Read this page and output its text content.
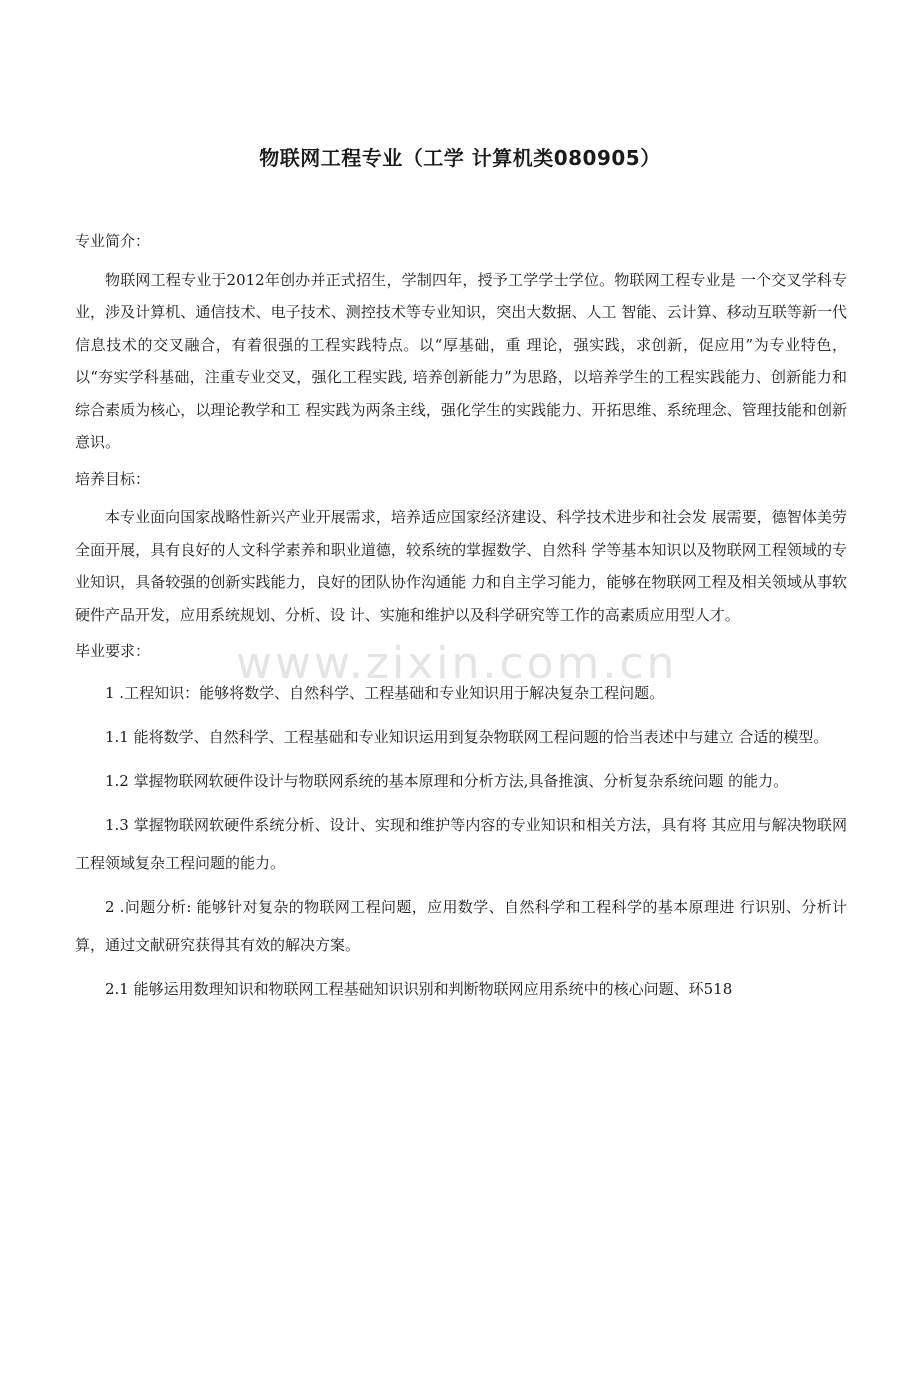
物联网工程专业（工学 计算机类080905）
www.zixin.com.cn

专业简介：

物联网工程专业于2012年创办并正式招生，学制四年，授予工学学士学位。物联网工程专业是 一个交叉学科专业，涉及计算机、通信技术、电子技术、测控技术等专业知识，突出大数据、人工 智能、云计算、移动互联等新一代信息技术的交叉融合，有着很强的工程实践特点。以“厚基础，重 理论，强实践，求创新，促应用”为专业特色，以“夯实学科基础，注重专业交叉，强化工程实践, 培养创新能力”为思路，以培养学生的工程实践能力、创新能力和综合素质为核心，以理论教学和工 程实践为两条主线，强化学生的实践能力、开拓思维、系统理念、管理技能和创新意识。

培养目标：

本专业面向国家战略性新兴产业开展需求，培养适应国家经济建设、科学技术进步和社会发 展需要，德智体美劳全面开展，具有良好的人文科学素养和职业道德，较系统的掌握数学、自然科 学等基本知识以及物联网工程领域的专业知识，具备较强的创新实践能力，良好的团队协作沟通能 力和自主学习能力，能够在物联网工程及相关领域从事软硬件产品开发，应用系统规划、分析、设 计、实施和维护以及科学研究等工作的高素质应用型人才。

毕业要求：

1 .工程知识：能够将数学、自然科学、工程基础和专业知识用于解决复杂工程问题。

1.1 能将数学、自然科学、工程基础和专业知识运用到复杂物联网工程问题的恰当表述中与建立 合适的模型。

1.2 掌握物联网软硬件设计与物联网系统的基本原理和分析方法,具备推演、分析复杂系统问题 的能力。

1.3 掌握物联网软硬件系统分析、设计、实现和维护等内容的专业知识和相关方法，具有将 其应用与解决物联网工程领域复杂工程问题的能力。

2 .问题分析: 能够针对复杂的物联网工程问题，应用数学、自然科学和工程科学的基本原理进 行识别、分析计算，通过文献研究获得其有效的解决方案。

2.1 能够运用数理知识和物联网工程基础知识识别和判断物联网应用系统中的核心问题、环518
